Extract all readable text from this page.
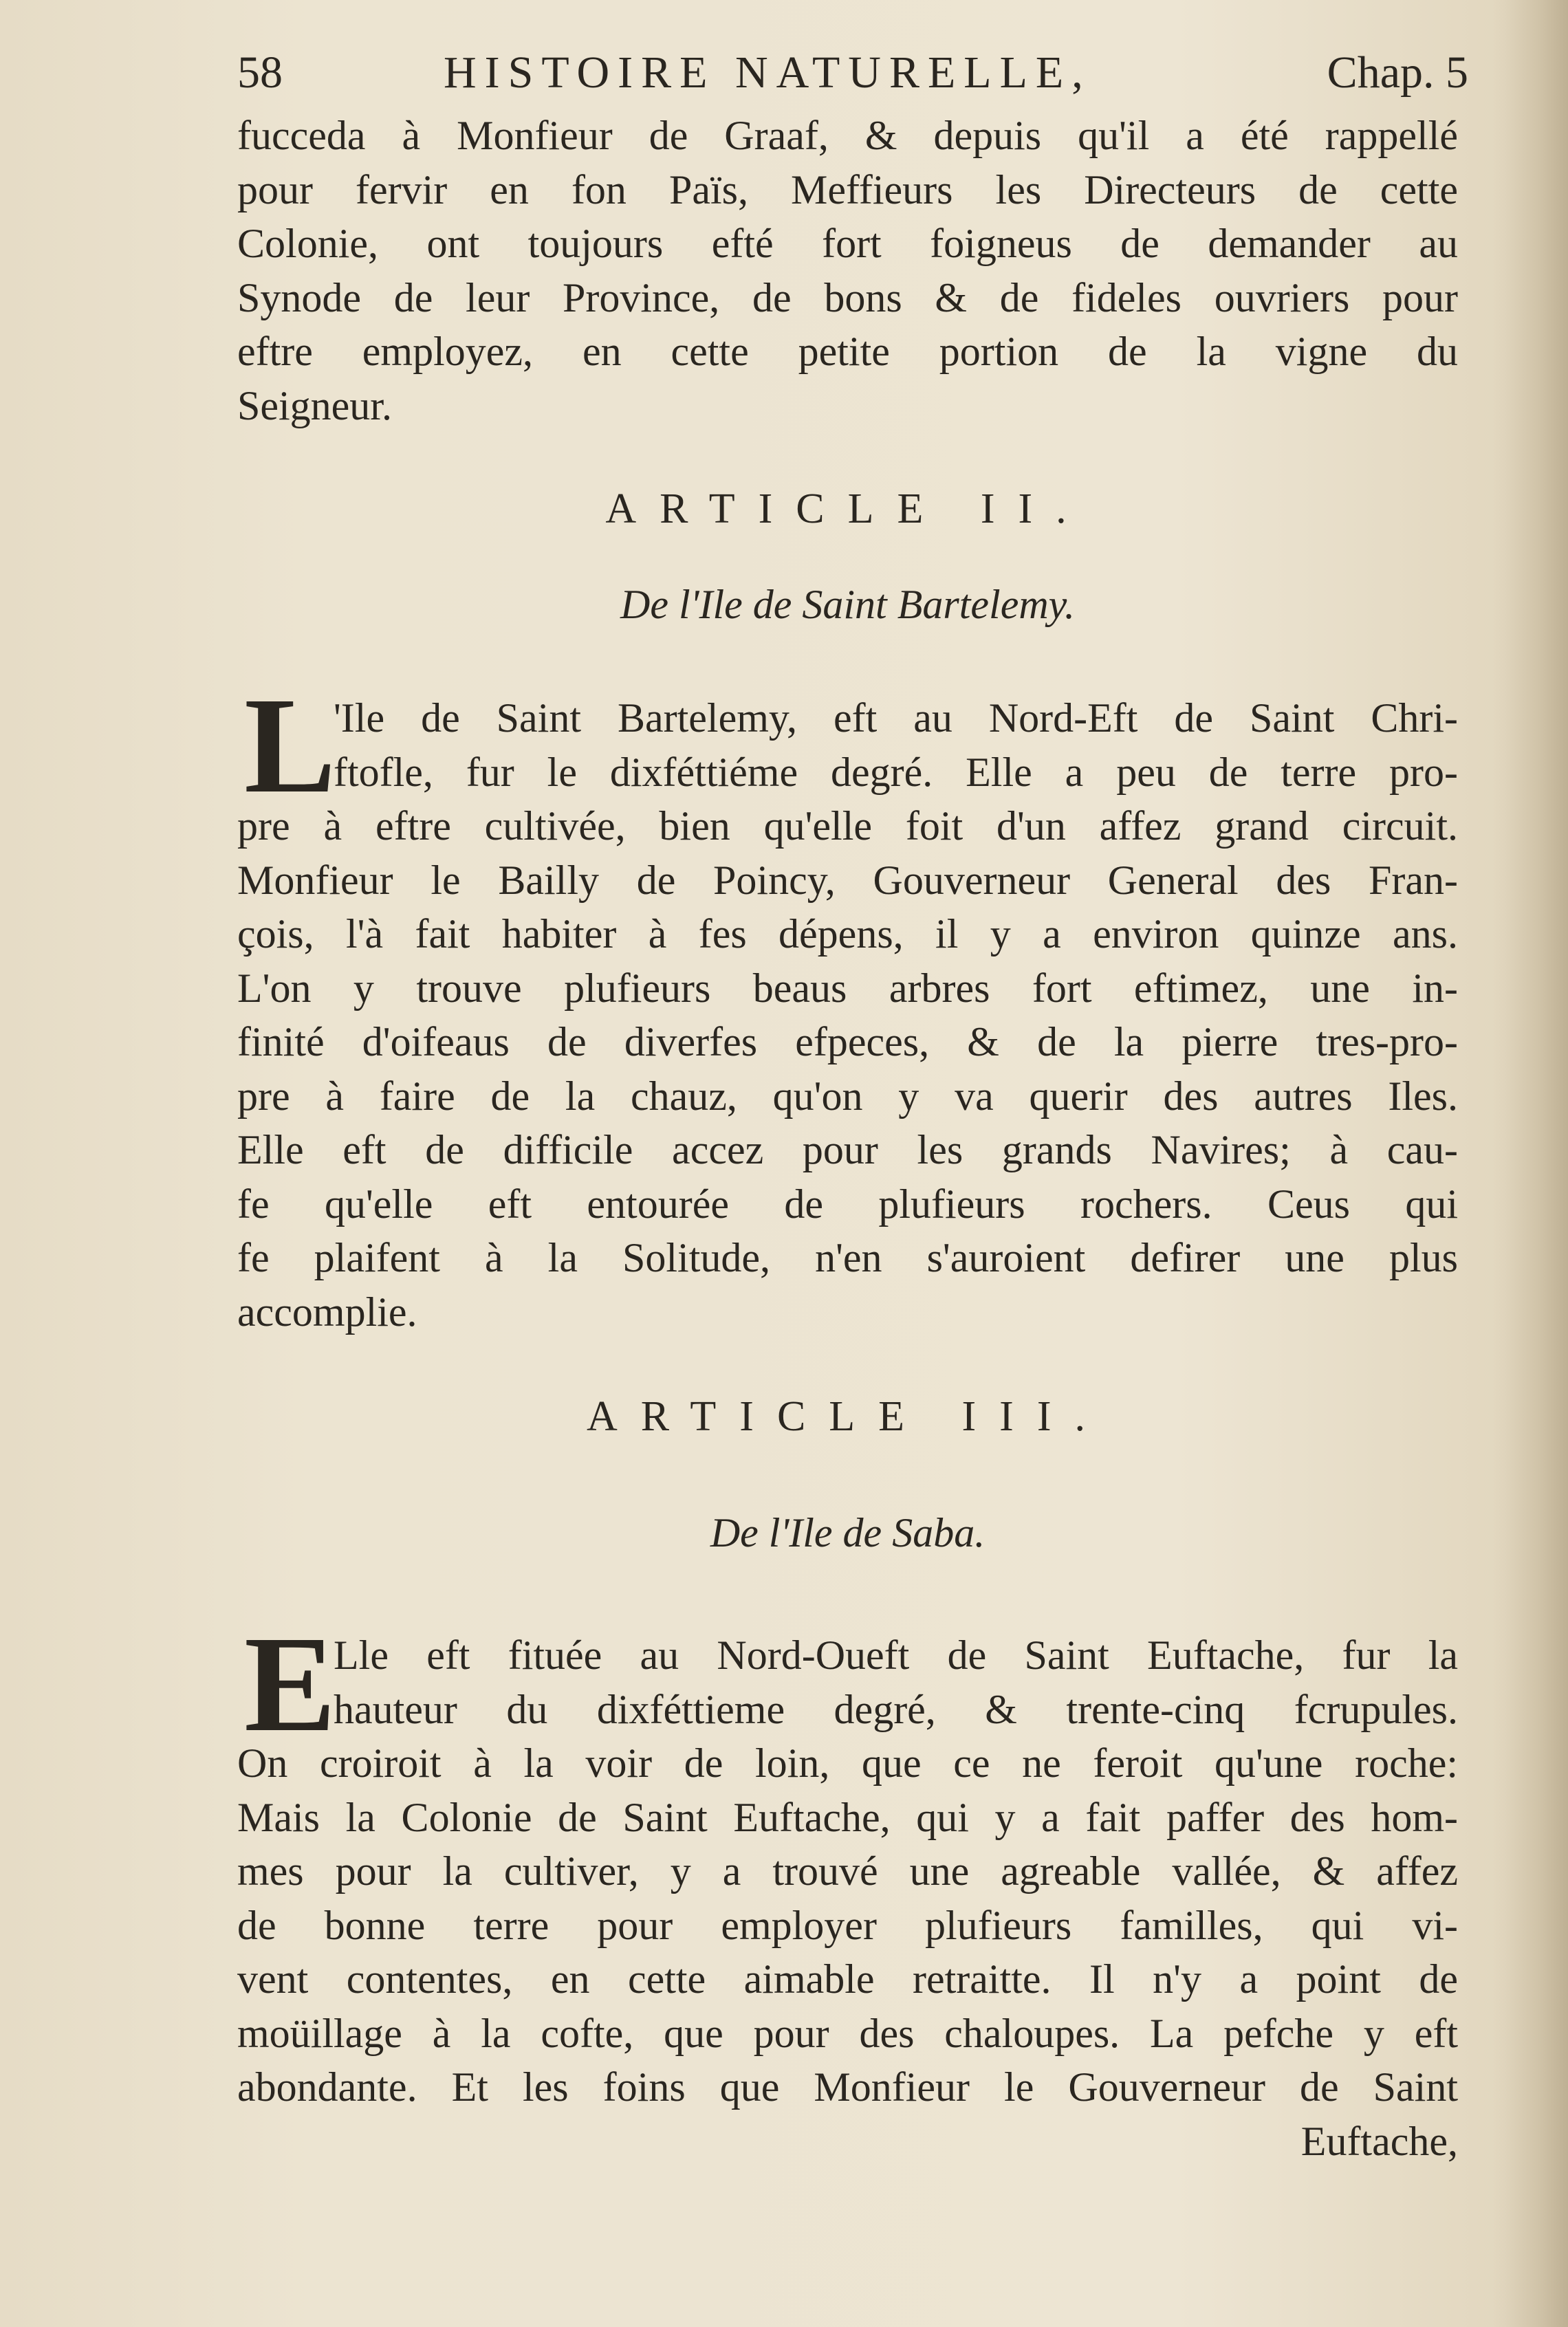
58	HISTOIRE NATURELLE,	Chap. 5
fucceda à Monfieur de Graaf, & depuis qu'il a été rappellé
pour fervir en fon Païs, Meffieurs les Directeurs de cette
Colonie, ont toujours efté fort foigneus de demander au
Synode de leur Province, de bons & de fideles ouvriers pour
eftre employez, en cette petite portion de la vigne du
Seigneur.
ARTICLE II.
De l'Ile de Saint Bartelemy.
L
'Ile de Saint Bartelemy, eft au Nord-Eft de Saint Chri-
ftofle, fur le dixféttiéme degré. Elle a peu de terre pro-
pre à eftre cultivée, bien qu'elle foit d'un affez grand circuit.
Monfieur le Bailly de Poincy, Gouverneur General des Fran-
çois, l'à fait habiter à fes dépens, il y a environ quinze ans.
L'on y trouve plufieurs beaus arbres fort eftimez, une in-
finité d'oifeaus de diverfes efpeces, & de la pierre tres-pro-
pre à faire de la chauz, qu'on y va querir des autres Iles.
Elle eft de difficile accez pour les grands Navires; à cau-
fe qu'elle eft entourée de plufieurs rochers. Ceus qui
fe plaifent à la Solitude, n'en s'auroient defirer une plus
accomplie.
ARTICLE III.
De l'Ile de Saba.
E
Lle eft fituée au Nord-Oueft de Saint Euftache, fur la
hauteur du dixféttieme degré, & trente-cinq fcrupules.
On croiroit à la voir de loin, que ce ne feroit qu'une roche:
Mais la Colonie de Saint Euftache, qui y a fait paffer des hom-
mes pour la cultiver, y a trouvé une agreable vallée, & affez
de bonne terre pour employer plufieurs familles, qui vi-
vent contentes, en cette aimable retraitte. Il n'y a point de
moüillage à la cofte, que pour des chaloupes. La pefche y eft
abondante. Et les foins que Monfieur le Gouverneur de Saint
Euftache,
